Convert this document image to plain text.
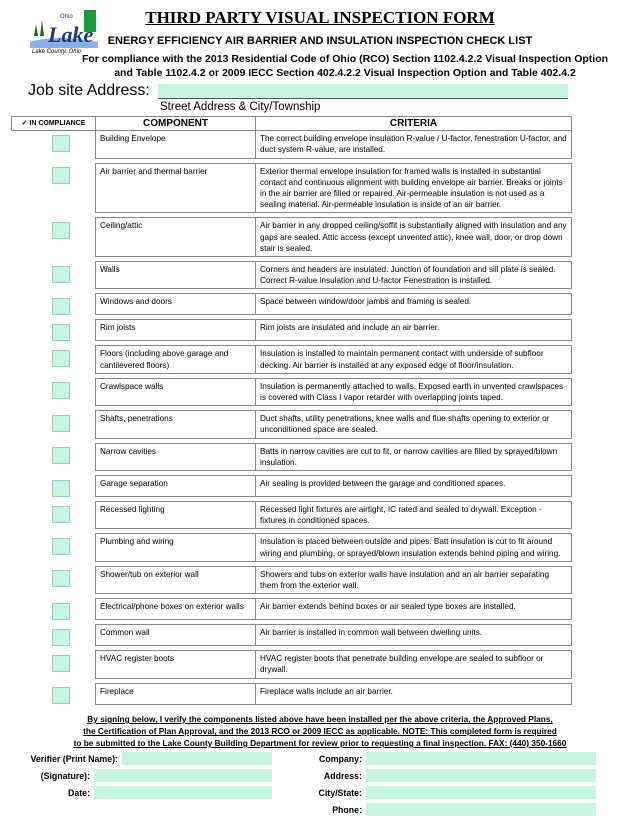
Lake
Ohio
Lake County, Ohio
THIRD PARTY VISUAL INSPECTION FORM
ENERGY EFFICIENCY AIR BARRIER AND INSULATION INSPECTION CHECK LIST
For compliance with the 2013 Residential Code of Ohio (RCO) Section 1102.4.2.2 Visual Inspection Option
and Table 1102.4.2 or 2009 IECC Section 402.4.2.2 Visual Inspection Option and Table 402.4.2
Job site Address:
Street Address & City/Township
✓ IN COMPLIANCE	COMPONENT	CRITERIA

	Building Envelope	The correct building envelope insulation R-value / U-factor, fenestration U-factor, and duct system R-value, are installed.

	Air barrier and thermal barrier	Exterior thermal envelope insulation for framed walls is installed in substantial contact and continuous alignment with building envelope air barrier. Breaks or joints in the air barrier are filled or repaired. Air-permeable insulation is not used as a sealing material. Air-permeable insulation is inside of an air barrier.

	Ceiling/attic	Air barrier in any dropped ceiling/soffit is substantially aligned with insulation and any gaps are sealed. Attic access (except unvented attic), knee wall, door, or drop down stair is sealed.

	Walls	Corners and headers are insulated. Junction of foundation and sill plate is sealed. Correct R-value insulation and U-factor Fenestration is installed.

	Windows and doors	Space between window/door jambs and framing is sealed.

	Rim joists	Rim joists are insulated and include an air barrier.

	Floors (including above garage and cantilevered floors)	Insulation is installed to maintain permanent contact with underside of subfloor decking. Air barrier is installed at any exposed edge of floor/insulation.

	Crawlspace walls	Insulation is permanently attached to walls. Exposed earth in unvented crawlspaces is covered with Class I vapor retarder with overlapping joints taped.

	Shafts, penetrations	Duct shafts, utility penetrations, knee walls and flue shafts opening to exterior or unconditioned space are sealed.

	Narrow cavities	Batts in narrow cavities are cut to fit, or narrow cavities are filled by sprayed/blown insulation.

	Garage separation	Air sealing is provided between the garage and conditioned spaces.

	Recessed lighting	Recessed light fixtures are airtight, IC rated and sealed to drywall. Exception - fixtures in conditioned spaces.

	Plumbing and wiring	Insulation is placed between outside and pipes. Batt insulation is cut to fit around wiring and plumbing, or sprayed/blown insulation extends behind piping and wiring.

	Shower/tub on exterior wall	Showers and tubs on exterior walls have insulation and an air barrier separating them from the exterior wall.

	Electrical/phone boxes on exterior walls	Air barrier extends behind boxes or air sealed type boxes are installed.

	Common wall	Air barrier is installed in common wall between dwelling units.

	HVAC register boots	HVAC register boots that penetrate building envelope are sealed to subfloor or drywall.

	Fireplace	Fireplace walls include an air barrier.
By signing below, I verify the components listed above have been installed per the above criteria, the Approved Plans,
the Certification of Plan Approval, and the 2013 RCO or 2009 IECC as applicable. NOTE: This completed form is required
to be submitted to the Lake County Building Department for review prior to requesting a final inspection. FAX: (440) 350-1660
Verifier (Print Name):
(Signature):
Date:
Company:
Address:
City/State:
Phone:
